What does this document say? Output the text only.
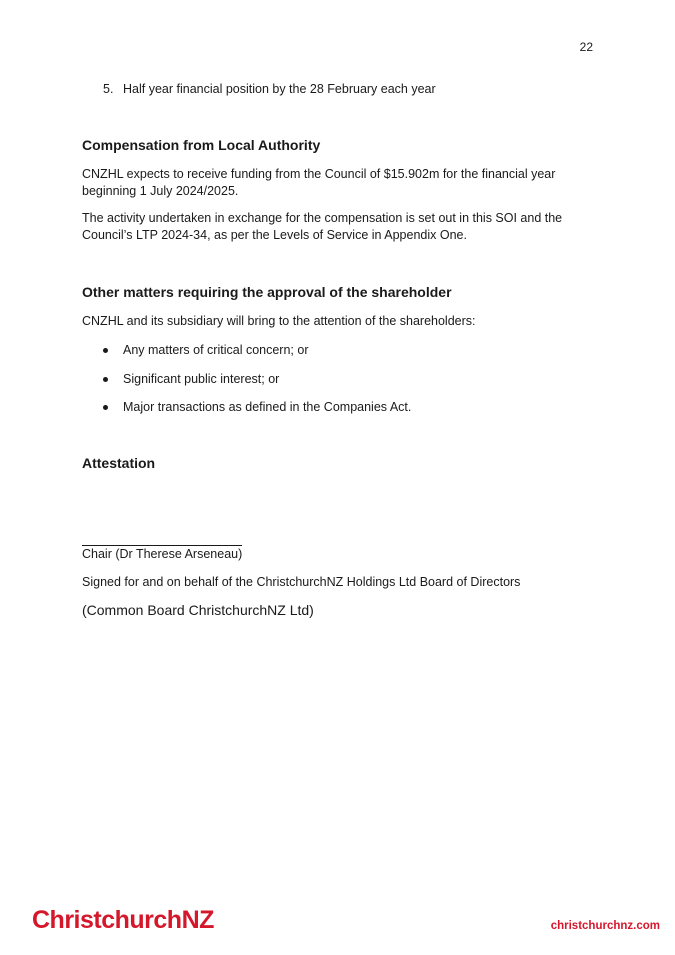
22
5. Half year financial position by the 28 February each year
Compensation from Local Authority
CNZHL expects to receive funding from the Council of $15.902m for the financial year
beginning 1 July 2024/2025.
The activity undertaken in exchange for the compensation is set out in this SOI and the
Council’s LTP 2024-34, as per the Levels of Service in Appendix One.
Other matters requiring the approval of the shareholder
CNZHL and its subsidiary will bring to the attention of the shareholders:
Any matters of critical concern; or
Significant public interest; or
Major transactions as defined in the Companies Act.
Attestation
Chair (Dr Therese Arseneau)
Signed for and on behalf of the ChristchurchNZ Holdings Ltd Board of Directors
(Common Board ChristchurchNZ Ltd)
ChristchurchNZ	christchurchnz.com
